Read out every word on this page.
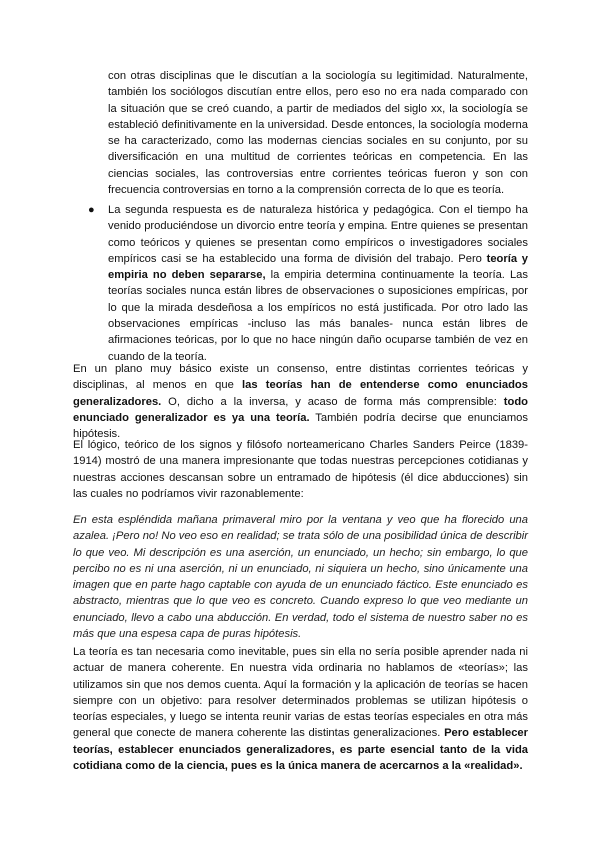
con otras disciplinas que le discutían a la sociología su legitimidad. Naturalmente, también los sociólogos discutían entre ellos, pero eso no era nada comparado con la situación que se creó cuando, a partir de mediados del siglo xx, la sociología se estableció definitivamente en la universidad. Desde entonces, la sociología moderna se ha caracterizado, como las modernas ciencias sociales en su conjunto, por su diversificación en una multitud de corrientes teóricas en competencia. En las ciencias sociales, las controversias entre corrientes teóricas fueron y son con frecuencia controversias en torno a la comprensión correcta de lo que es teoría.

● La segunda respuesta es de naturaleza histórica y pedagógica. Con el tiempo ha venido produciéndose un divorcio entre teoría y empina. Entre quienes se presentan como teóricos y quienes se presentan como empíricos o investigadores sociales empíricos casi se ha establecido una forma de división del trabajo. Pero teoría y empiria no deben separarse, la empiria determina continuamente la teoría. Las teorías sociales nunca están libres de observaciones o suposiciones empíricas, por lo que la mirada desdeñosa a los empíricos no está justificada. Por otro lado las observaciones empíricas -incluso las más banales- nunca están libres de afirmaciones teóricas, por lo que no hace ningún daño ocuparse también de vez en cuando de la teoría.

En un plano muy básico existe un consenso, entre distintas corrientes teóricas y disciplinas, al menos en que las teorías han de entenderse como enunciados generalizadores. O, dicho a la inversa, y acaso de forma más comprensible: todo enunciado generalizador es ya una teoría. También podría decirse que enunciamos hipótesis.

El lógico, teórico de los signos y filósofo norteamericano Charles Sanders Peirce (1839-1914) mostró de una manera impresionante que todas nuestras percepciones cotidianas y nuestras acciones descansan sobre un entramado de hipótesis (él dice abducciones) sin las cuales no podríamos vivir razonablemente:

En esta espléndida mañana primaveral miro por la ventana y veo que ha florecido una azalea. ¡Pero no! No veo eso en realidad; se trata sólo de una posibilidad única de describir lo que veo. Mi descripción es una aserción, un enunciado, un hecho; sin embargo, lo que percibo no es ni una aserción, ni un enunciado, ni siquiera un hecho, sino únicamente una imagen que en parte hago captable con ayuda de un enunciado fáctico. Este enunciado es abstracto, mientras que lo que veo es concreto. Cuando expreso lo que veo mediante un enunciado, llevo a cabo una abducción. En verdad, todo el sistema de nuestro saber no es más que una espesa capa de puras hipótesis.

La teoría es tan necesaria como inevitable, pues sin ella no sería posible aprender nada ni actuar de manera coherente. En nuestra vida ordinaria no hablamos de «teorías»; las utilizamos sin que nos demos cuenta. Aquí la formación y la aplicación de teorías se hacen siempre con un objetivo: para resolver determinados problemas se utilizan hipótesis o teorías especiales, y luego se intenta reunir varias de estas teorías especiales en otra más general que conecte de manera coherente las distintas generalizaciones. Pero establecer teorías, establecer enunciados generalizadores, es parte esencial tanto de la vida cotidiana como de la ciencia, pues es la única manera de acercarnos a la «realidad».
